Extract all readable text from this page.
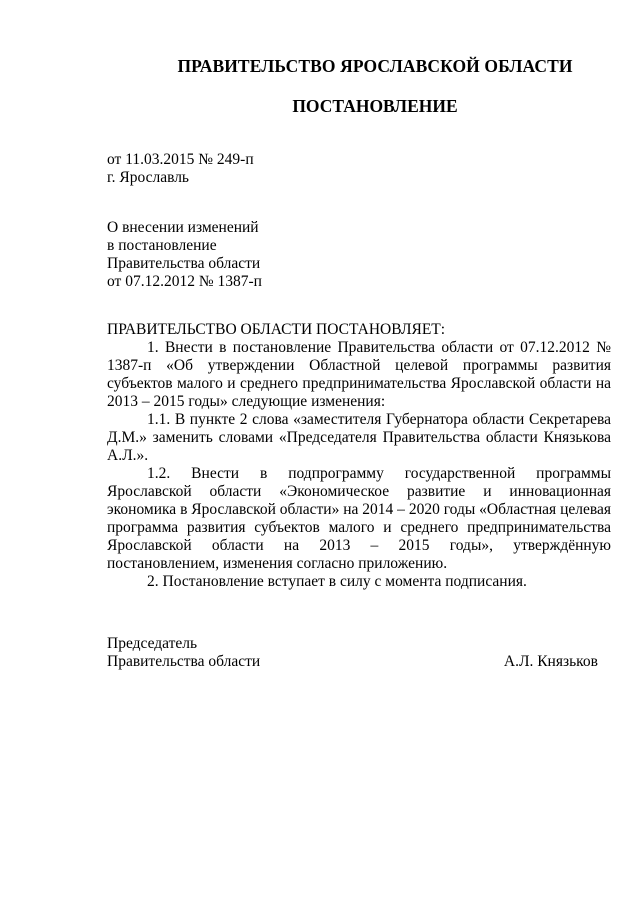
ПРАВИТЕЛЬСТВО ЯРОСЛАВСКОЙ ОБЛАСТИ
ПОСТАНОВЛЕНИЕ
от 11.03.2015 № 249-п
г. Ярославль
О внесении изменений
в постановление
Правительства области
от 07.12.2012 № 1387-п
ПРАВИТЕЛЬСТВО ОБЛАСТИ ПОСТАНОВЛЯЕТ:

1. Внести в постановление Правительства области от 07.12.2012 № 1387-п «Об утверждении Областной целевой программы развития субъектов малого и среднего предпринимательства Ярославской области на 2013 – 2015 годы» следующие изменения:

1.1. В пункте 2 слова «заместителя Губернатора области Секретарева Д.М.» заменить словами «Председателя Правительства области Князькова А.Л.».

1.2. Внести в подпрограмму государственной программы Ярославской области «Экономическое развитие и инновационная экономика в Ярославской области» на 2014 – 2020 годы «Областная целевая программа развития субъектов малого и среднего предпринимательства Ярославской области на 2013 – 2015 годы», утверждённую постановлением, изменения согласно приложению.

2. Постановление вступает в силу с момента подписания.

Председатель
Правительства области	А.Л. Князьков
